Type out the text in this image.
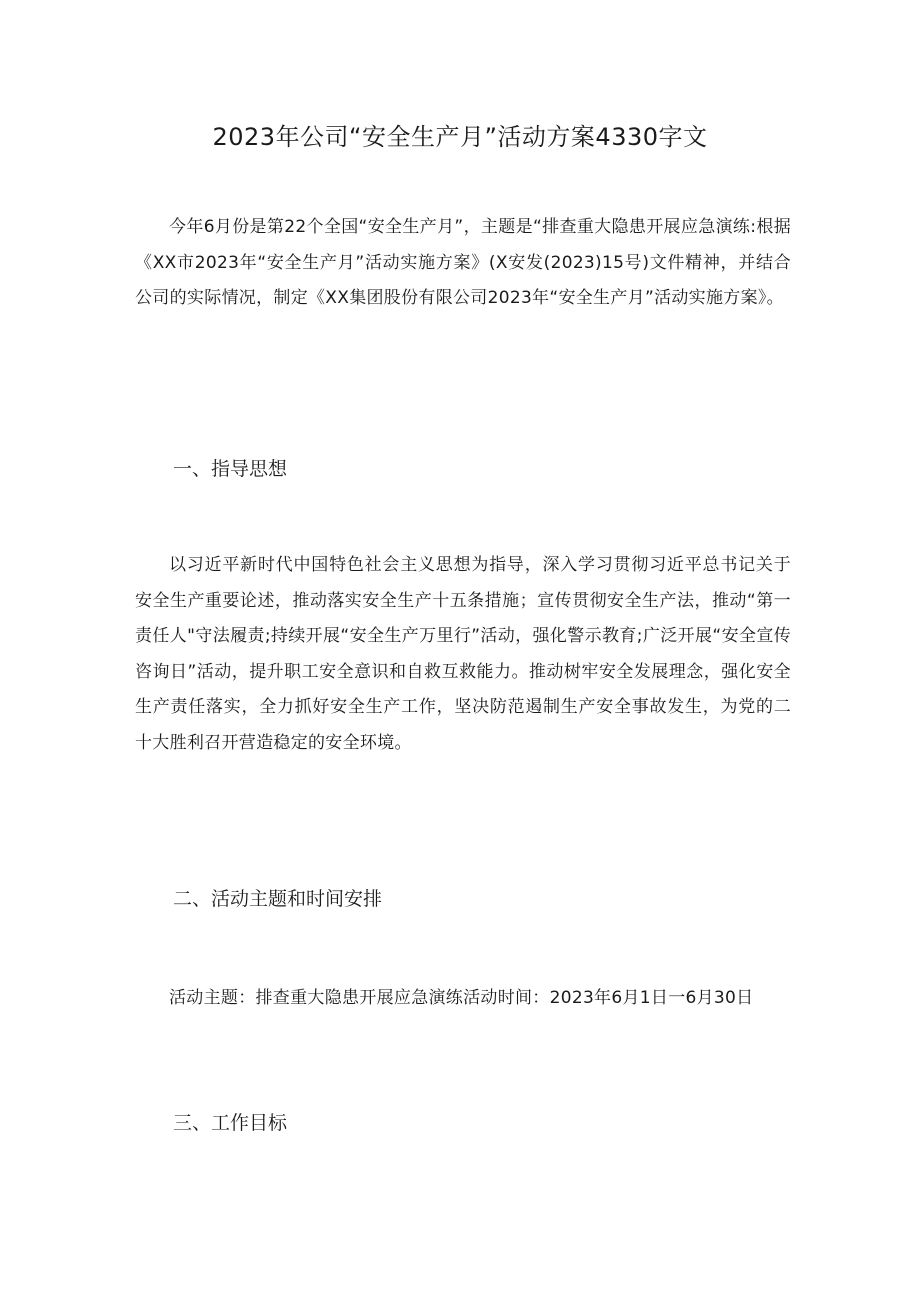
2023年公司“安全生产月”活动方案4330字文

今年6月份是第22个全国“安全生产月”，主题是“排查重大隐患开展应急演练:根据《XX市2023年“安全生产月”活动实施方案》(X安发(2023)15号)文件精神，并结合公司的实际情况，制定《XX集团股份有限公司2023年“安全生产月”活动实施方案》。

一、指导思想

以习近平新时代中国特色社会主义思想为指导，深入学习贯彻习近平总书记关于安全生产重要论述，推动落实安全生产十五条措施；宣传贯彻安全生产法，推动“第一责任人"守法履责;持续开展“安全生产万里行”活动，强化警示教育;广泛开展“安全宣传咨询日”活动，提升职工安全意识和自救互救能力。推动树牢安全发展理念，强化安全生产责任落实，全力抓好安全生产工作，坚决防范遏制生产安全事故发生，为党的二十大胜利召开营造稳定的安全环境。

二、活动主题和时间安排

活动主题：排查重大隐患开展应急演练活动时间：2023年6月1日一6月30日

三、工作目标
